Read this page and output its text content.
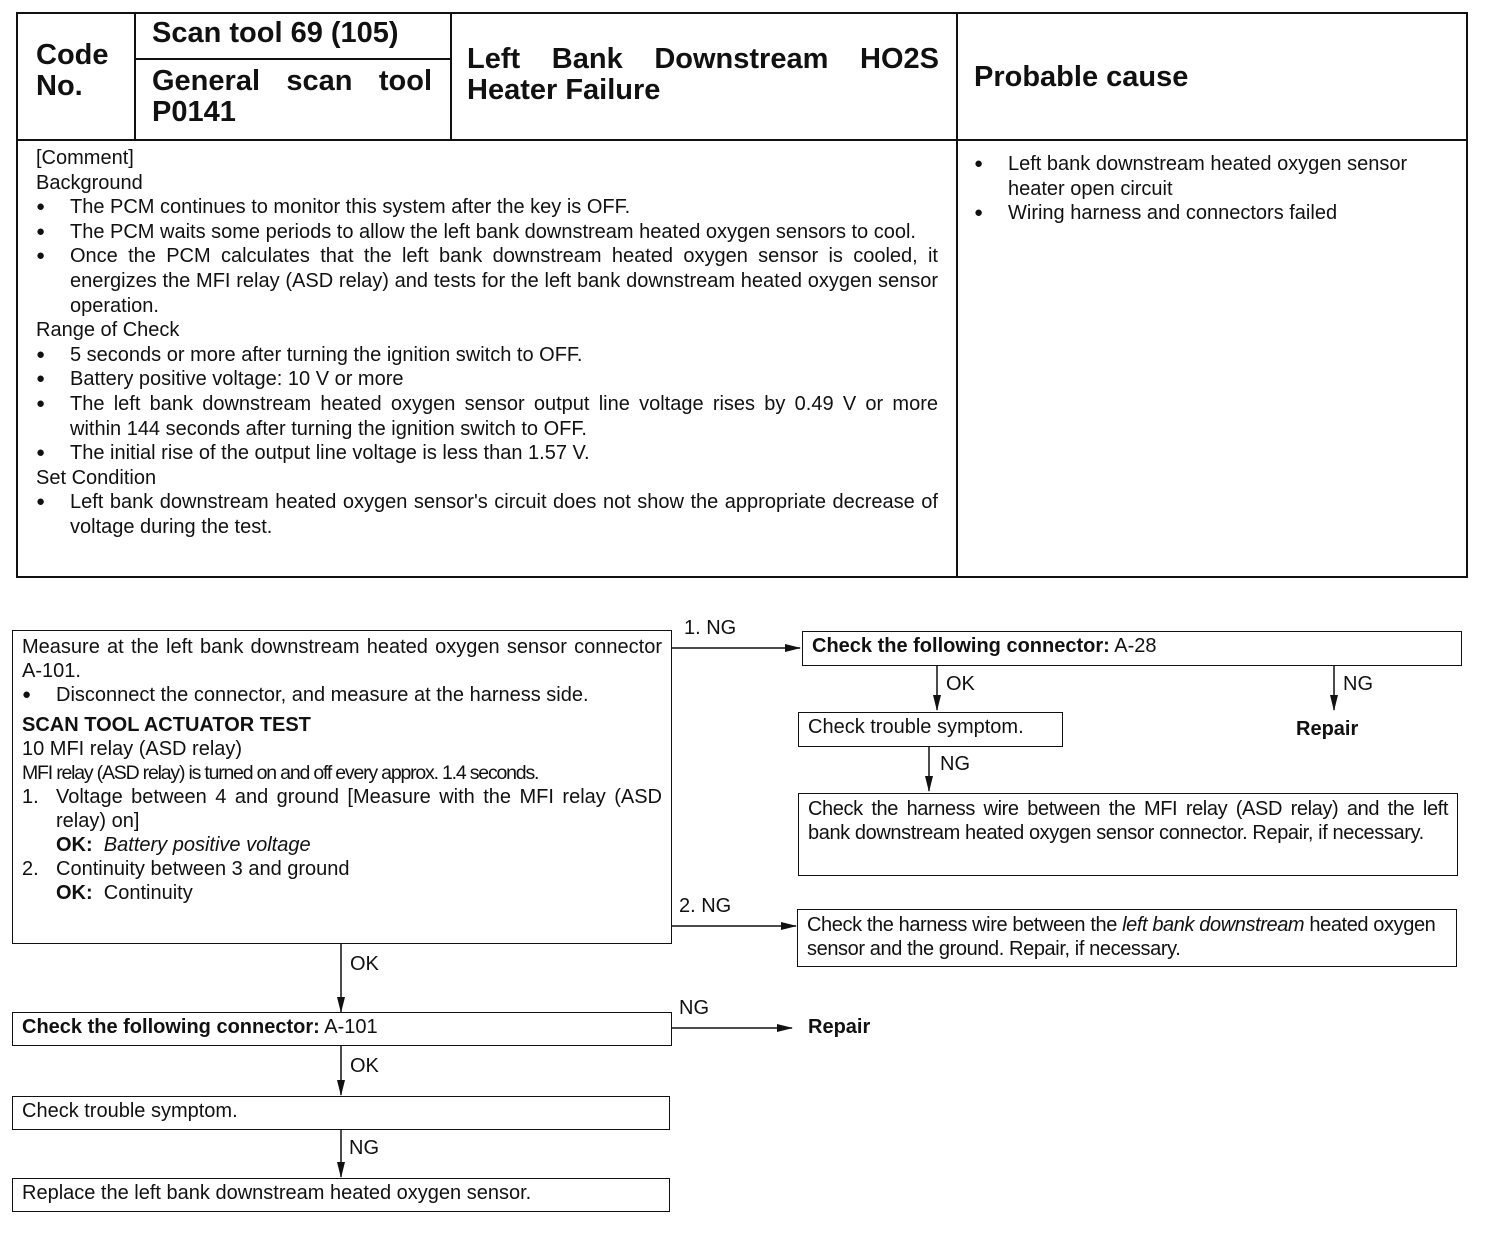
Code No.
Scan tool 69 (105)
General scan tool P0141
Left Bank Downstream HO2S Heater Failure	Probable cause
[Comment]
Background
● The PCM continues to monitor this system after the key is OFF.
● The PCM waits some periods to allow the left bank downstream heated oxygen sensors to cool.
● Once the PCM calculates that the left bank downstream heated oxygen sensor is cooled, it energizes the MFI relay (ASD relay) and tests for the left bank downstream heated oxygen sensor operation.
Range of Check
● 5 seconds or more after turning the ignition switch to OFF.
● Battery positive voltage: 10 V or more
● The left bank downstream heated oxygen sensor output line voltage rises by 0.49 V or more within 144 seconds after turning the ignition switch to OFF.
● The initial rise of the output line voltage is less than 1.57 V.
Set Condition
● Left bank downstream heated oxygen sensor's circuit does not show the appropriate decrease of voltage during the test.
● Left bank downstream heated oxygen sensor heater open circuit
● Wiring harness and connectors failed
Measure at the left bank downstream heated oxygen sensor connector A-101.
● Disconnect the connector, and measure at the harness side.
SCAN TOOL ACTUATOR TEST
10 MFI relay (ASD relay)
MFI relay (ASD relay) is turned on and off every approx. 1.4 seconds.
1. Voltage between 4 and ground [Measure with the MFI relay (ASD relay) on]
OK: Battery positive voltage
2. Continuity between 3 and ground
OK: Continuity
Check the following connector: A-28
Check trouble symptom.
Check the harness wire between the MFI relay (ASD relay) and the left bank downstream heated oxygen sensor connector. Repair, if necessary.
Check the harness wire between the left bank downstream heated oxygen sensor and the ground. Repair, if necessary.
Check the following connector: A-101
Check trouble symptom.
Replace the left bank downstream heated oxygen sensor.
Repair
Repair
1. NG
2. NG
OK
NG
OK
NG
OK	NG
NG
